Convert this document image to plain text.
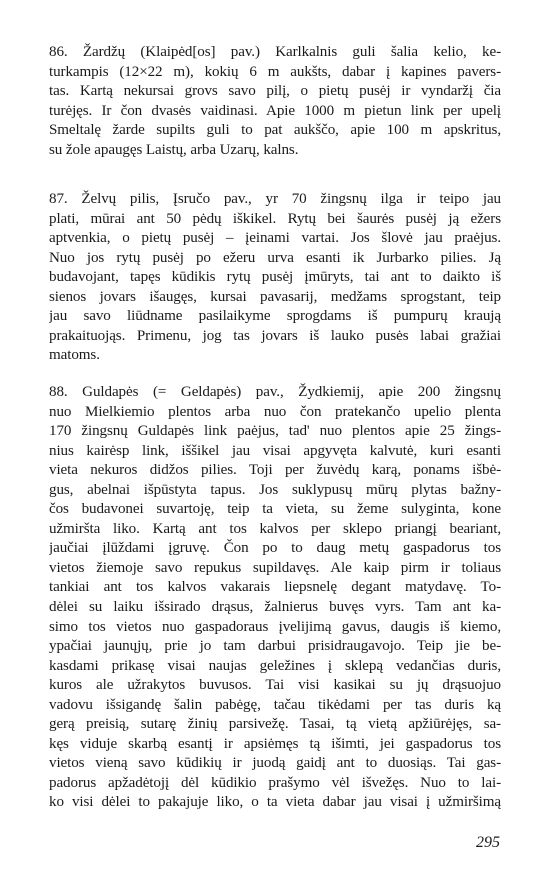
86. Žardžų (Klaipėd[os] pav.) Karlkalnis guli šalia kelio, ke-
turkampis (12×22 m), kokių 6 m aukšts, dabar į kapines pavers-
tas. Kartą nekursai grovs savo pilį, o pietų pusėj ir vyndaržį čia
turėjęs. Ir čon dvasės vaidinasi. Apie 1000 m pietun link per upelį
Smeltalę žarde supilts guli to pat aukščo, apie 100 m apskritus,
su žole apaugęs Laistų, arba Uzarų, kalns.
87. Želvų pilis, Įsručo pav., yr 70 žingsnų ilga ir teipo jau
plati, mūrai ant 50 pėdų iškikel. Rytų bei šaurės pusėj ją ežers
aptvenkia, o pietų pusėj – įeinami vartai. Jos šlovė jau praėjus.
Nuo jos rytų pusėj po ežeru urva esanti ik Jurbarko pilies. Ją
budavojant, tapęs kūdikis rytų pusėj įmūryts, tai ant to daikto iš
sienos jovars išaugęs, kursai pavasarij, medžams sprogstant, teip
jau savo liūdname pasilaikyme sprogdams iš pumpurų kraują
prakaituojąs. Primenu, jog tas jovars iš lauko pusės labai gražiai
matoms.
88. Guldapės (= Geldapės) pav., Žydkiemij, apie 200 žingsnų
nuo Mielkiemio plentos arba nuo čon pratekančo upelio plenta
170 žingsnų Guldapės link paėjus, tad' nuo plentos apie 25 žings-
nius kairėsp link, iššikel jau visai apgyvęta kalvutė, kuri esanti
vieta nekuros didžos pilies. Toji per žuvėdų karą, ponams išbė-
gus, abelnai išpūstyta tapus. Jos suklypusų mūrų plytas bažny-
čos budavonei suvartoję, teip ta vieta, su žeme sulyginta, kone
užmiršta liko. Kartą ant tos kalvos per sklepo priangį beariant,
jaučiai įlūždami įgruvę. Čon po to daug metų gaspadorus tos
vietos žiemoje savo repukus supildavęs. Ale kaip pirm ir toliaus
tankiai ant tos kalvos vakarais liepsnelę degant matydavę. To-
dėlei su laiku išsirado drąsus, žalnierus buvęs vyrs. Tam ant ka-
simo tos vietos nuo gaspadoraus įvelijimą gavus, daugis iš kiemo,
ypačiai jaunųjų, prie jo tam darbui prisidraugavojo. Teip jie be-
kasdami prikasę visai naujas geležines į sklepą vedančias duris,
kuros ale užrakytos buvusos. Tai visi kasikai su jų drąsuojuo
vadovu išsigandę šalin pabėgę, tačau tikėdami per tas duris ką
gerą preisią, sutarę žinių parsivežę. Tasai, tą vietą apžiūrėjęs, sa-
kęs viduje skarbą esantį ir apsiėmęs tą išimti, jei gaspadorus tos
vietos vieną savo kūdikių ir juodą gaidį ant to duosiąs. Tai gas-
padorus apžadėtojį dėl kūdikio prašymo vėl išvežęs. Nuo to lai-
ko visi dėlei to pakajuje liko, o ta vieta dabar jau visai į užmiršimą
295
